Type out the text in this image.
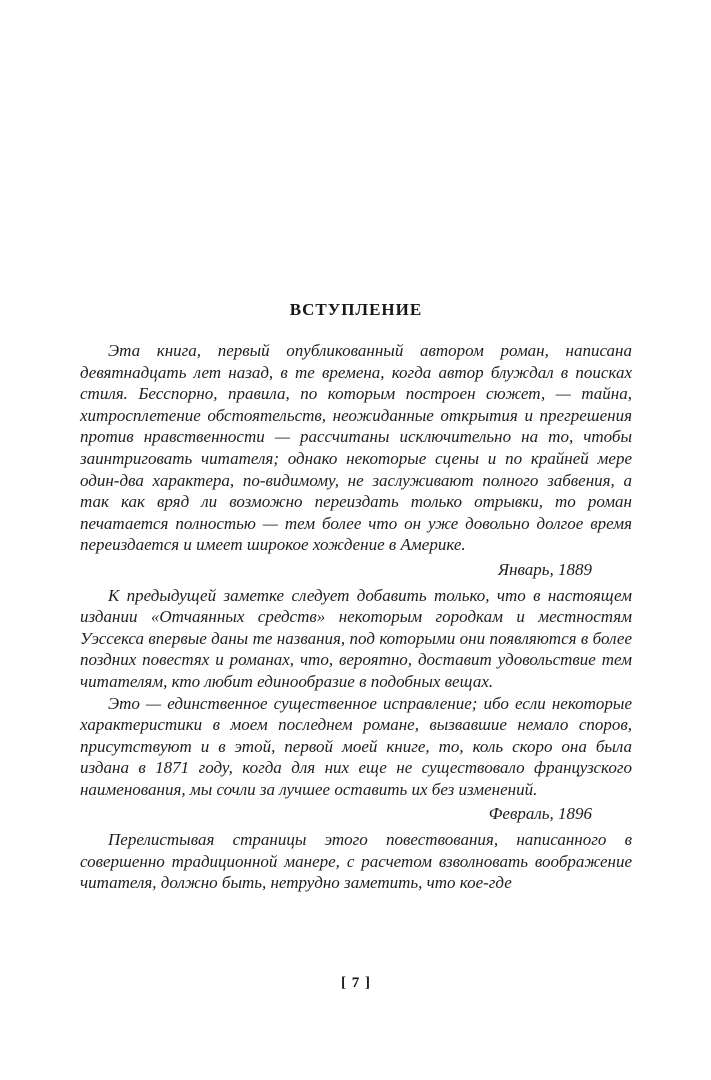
ВСТУПЛЕНИЕ

Эта книга, первый опубликованный автором роман, написана девятнадцать лет назад, в те времена, когда автор блуждал в поисках стиля. Бесспорно, правила, по которым построен сюжет, — тайна, хитросплетение обстоятельств, неожиданные открытия и прегрешения против нравственности — рассчитаны исключительно на то, чтобы заинтриговать читателя; однако некоторые сцены и по крайней мере один-два характера, по-видимому, не заслуживают полного забвения, а так как вряд ли возможно переиздать только отрывки, то роман печатается полностью — тем более что он уже довольно долгое время переиздается и имеет широкое хождение в Америке.

Январь, 1889

К предыдущей заметке следует добавить только, что в настоящем издании «Отчаянных средств» некоторым городкам и местностям Уэссекса впервые даны те названия, под которыми они появляются в более поздних повестях и романах, что, вероятно, доставит удовольствие тем читателям, кто любит единообразие в подобных вещах.

Это — единственное существенное исправление; ибо если некоторые характеристики в моем последнем романе, вызвавшие немало споров, присутствуют и в этой, первой моей книге, то, коль скоро она была издана в 1871 году, когда для них еще не существовало французского наименования, мы сочли за лучшее оставить их без изменений.

Февраль, 1896

Перелистывая страницы этого повествования, написанного в совершенно традиционной манере, с расчетом взволновать воображение читателя, должно быть, нетрудно заметить, что кое-где

[ 7 ]
